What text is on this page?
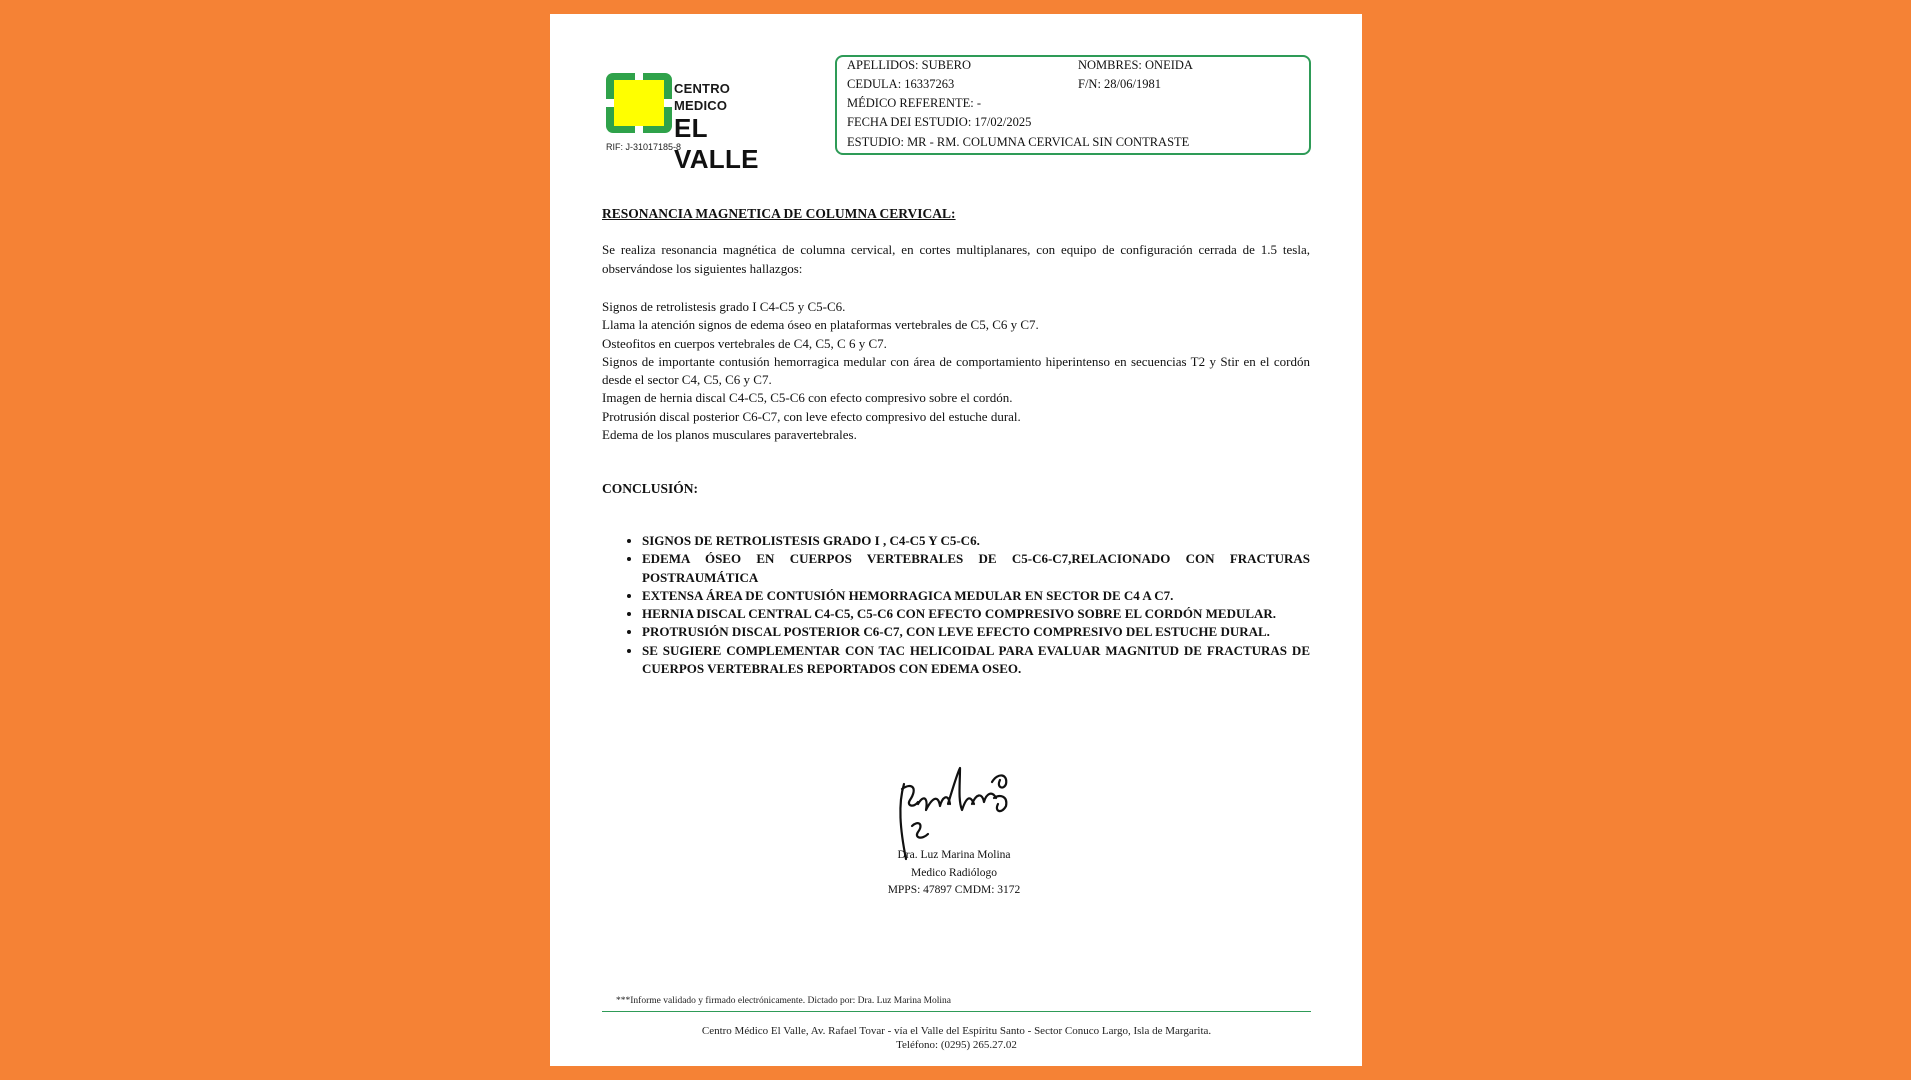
CENTRO
MEDICO
EL VALLE
RIF: J-31017185-8
APELLIDOS: SUBERO	NOMBRES: ONEIDA
CEDULA: 16337263	F/N: 28/06/1981
MÉDICO REFERENTE: -
FECHA DEI ESTUDIO: 17/02/2025
ESTUDIO: MR - RM. COLUMNA CERVICAL SIN CONTRASTE
RESONANCIA MAGNETICA DE COLUMNA CERVICAL:
Se realiza resonancia magnética de columna cervical, en cortes multiplanares, con equipo de configuración cerrada de 1.5 tesla, observándose los siguientes hallazgos:
Signos de retrolistesis grado I C4-C5 y C5-C6.
Llama la atención signos de edema óseo en plataformas vertebrales de C5, C6 y C7.
Osteofitos en cuerpos vertebrales de C4, C5, C 6 y C7.
Signos de importante contusión hemorragica medular con área de comportamiento hiperintenso en secuencias T2 y Stir en el cordón desde el sector C4, C5, C6 y C7.
Imagen de hernia discal C4-C5, C5-C6 con efecto compresivo sobre el cordón.
Protrusión discal posterior C6-C7, con leve efecto compresivo del estuche dural.
Edema de los planos musculares paravertebrales.
CONCLUSIÓN:
• SIGNOS DE RETROLISTESIS GRADO I , C4-C5 Y C5-C6.
• EDEMA ÓSEO EN CUERPOS VERTEBRALES DE C5-C6-C7,RELACIONADO CON FRACTURAS POSTRAUMÁTICA
• EXTENSA ÁREA DE CONTUSIÓN HEMORRAGICA MEDULAR EN SECTOR DE C4 A C7.
• HERNIA DISCAL CENTRAL C4-C5, C5-C6 CON EFECTO COMPRESIVO SOBRE EL CORDÓN MEDULAR.
• PROTRUSIÓN DISCAL POSTERIOR C6-C7, CON LEVE EFECTO COMPRESIVO DEL ESTUCHE DURAL.
• SE SUGIERE COMPLEMENTAR CON TAC HELICOIDAL PARA EVALUAR MAGNITUD DE FRACTURAS DE CUERPOS VERTEBRALES REPORTADOS CON EDEMA OSEO.
Dra. Luz Marina Molina
Medico Radiólogo
MPPS: 47897 CMDM: 3172
***Informe validado y firmado electrónicamente. Dictado por: Dra. Luz Marina Molina
Centro Médico El Valle, Av. Rafael Tovar - vía el Valle del Espíritu Santo - Sector Conuco Largo, Isla de Margarita.
Teléfono: (0295) 265.27.02
